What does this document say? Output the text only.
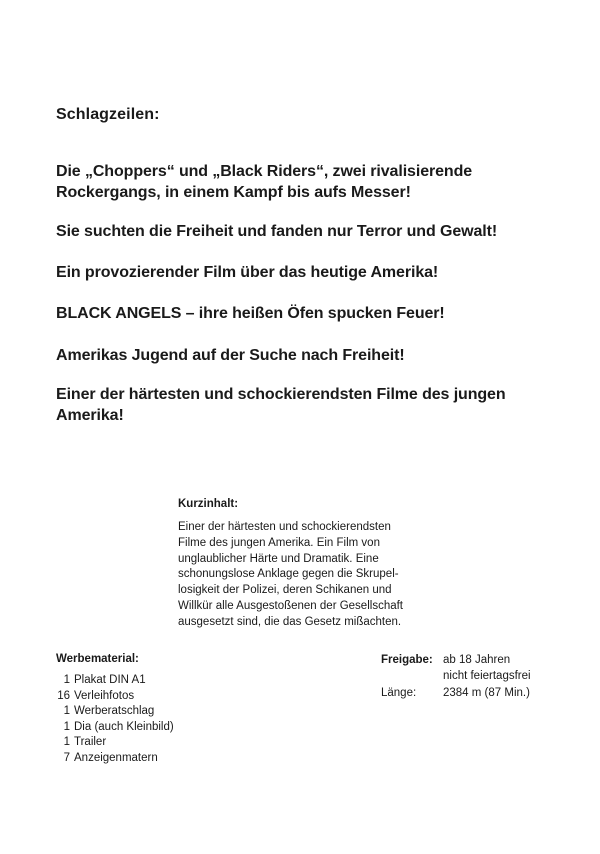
Schlagzeilen:
Die „Choppers“ und „Black Riders“, zwei rivalisierende Rockergangs, in einem Kampf bis aufs Messer!
Sie suchten die Freiheit und fanden nur Terror und Gewalt!
Ein provozierender Film über das heutige Amerika!
BLACK ANGELS – ihre heißen Öfen spucken Feuer!
Amerikas Jugend auf der Suche nach Freiheit!
Einer der härtesten und schockierendsten Filme des jungen Amerika!
Kurzinhalt:
Einer der härtesten und schockierendsten
Filme des jungen Amerika. Ein Film von
unglaublicher Härte und Dramatik. Eine
schonungslose Anklage gegen die Skrupel-
losigkeit der Polizei, deren Schikanen und
Willkür alle Ausgestoßenen der Gesellschaft
ausgesetzt sind, die das Gesetz mißachten.
Werbematerial:
1 Plakat DIN A1
16 Verleihfotos
1 Werberatschlag
1 Dia (auch Kleinbild)
1 Trailer
7 Anzeigenmatern
Freigabe: ab 18 Jahren
nicht feiertagsfrei
Länge:	2384 m (87 Min.)
